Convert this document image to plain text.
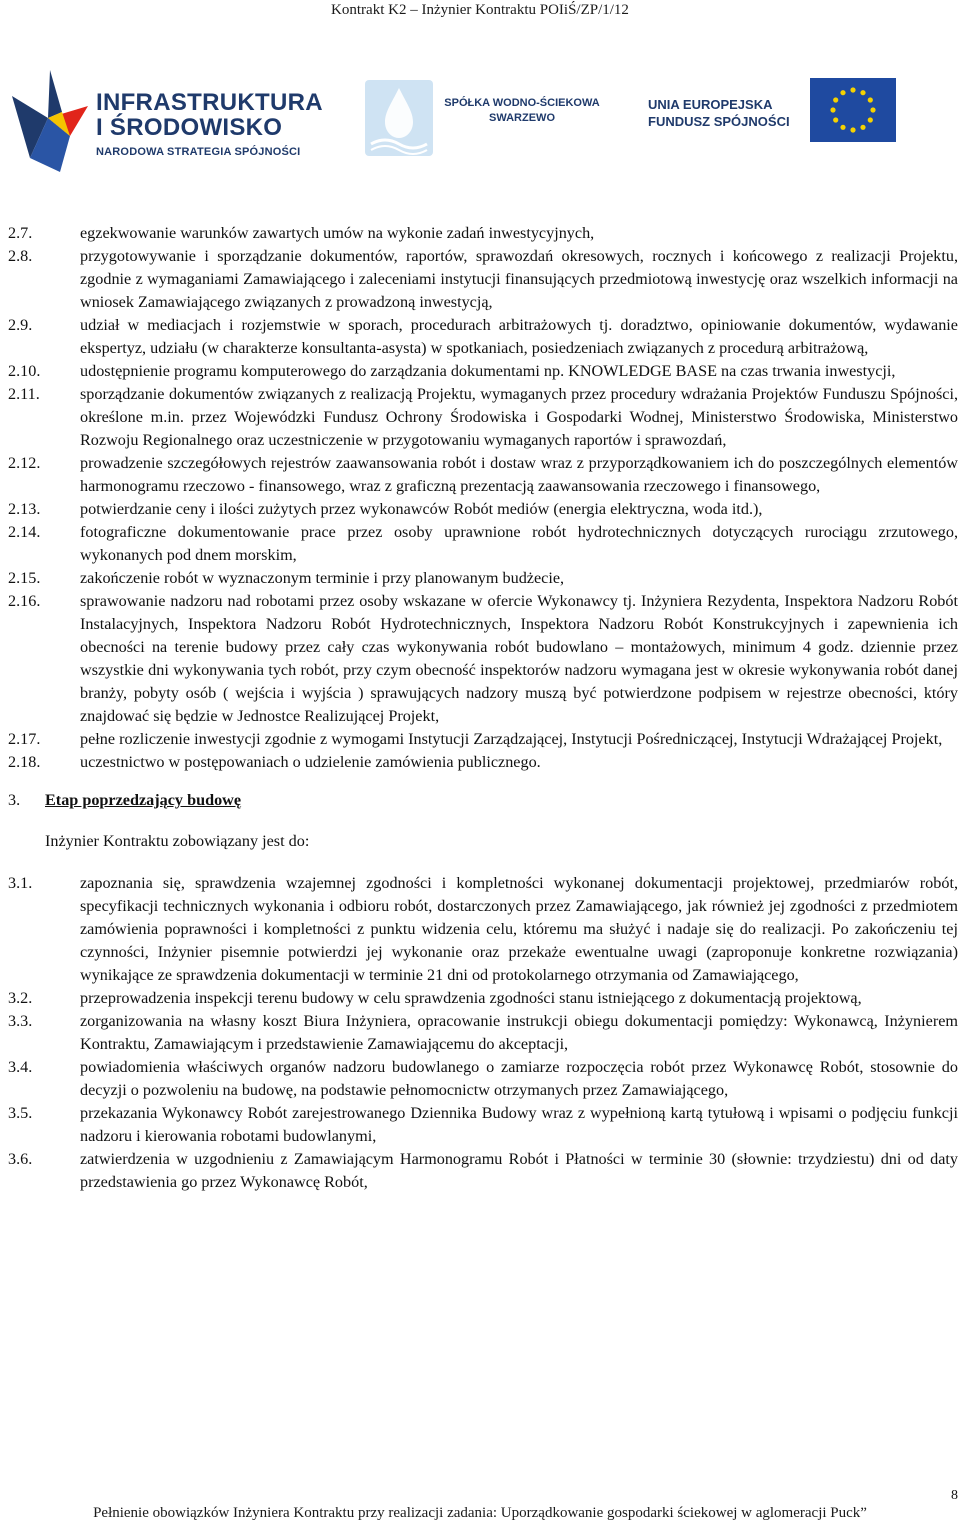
Kontrakt K2 – Inżynier Kontraktu POIiŚ/ZP/1/12
INFRASTRUKTURA
I ŚRODOWISKO
NARODOWA STRATEGIA SPÓJNOŚCI
SPÓŁKA WODNO-ŚCIEKOWA
SWARZEWO
UNIA EUROPEJSKA
FUNDUSZ SPÓJNOŚCI
2.7.	egzekwowanie warunków zawartych umów na wykonie zadań inwestycyjnych,
2.8.	przygotowywanie i sporządzanie dokumentów, raportów, sprawozdań okresowych, rocznych i końcowego z realizacji Projektu, zgodnie z wymaganiami Zamawiającego i zaleceniami instytucji finansujących przedmiotową inwestycję oraz wszelkich informacji na wniosek Zamawiającego związanych z prowadzoną inwestycją,
2.9.	udział w mediacjach i rozjemstwie w sporach, procedurach arbitrażowych tj. doradztwo, opiniowanie dokumentów, wydawanie ekspertyz, udziału (w charakterze konsultanta-asysta) w spotkaniach, posiedzeniach związanych z procedurą arbitrażową,
2.10. udostępnienie programu komputerowego do zarządzania dokumentami np. KNOWLEDGE BASE na czas trwania inwestycji,
2.11. sporządzanie dokumentów związanych z realizacją Projektu, wymaganych przez procedury wdrażania Projektów Funduszu Spójności, określone m.in. przez Wojewódzki Fundusz Ochrony Środowiska i Gospodarki Wodnej, Ministerstwo Środowiska, Ministerstwo Rozwoju Regionalnego oraz uczestniczenie w przygotowaniu wymaganych raportów i sprawozdań,
2.12. prowadzenie szczegółowych rejestrów zaawansowania robót i dostaw wraz z przyporządkowaniem ich do poszczególnych elementów harmonogramu rzeczowo - finansowego, wraz z graficzną prezentacją zaawansowania rzeczowego i finansowego,
2.13. potwierdzanie ceny i ilości zużytych przez wykonawców Robót mediów (energia elektryczna, woda itd.),
2.14. fotograficzne dokumentowanie prace przez osoby uprawnione robót hydrotechnicznych dotyczących rurociągu zrzutowego, wykonanych pod dnem morskim,
2.15. zakończenie robót w wyznaczonym terminie i przy planowanym budżecie,
2.16. sprawowanie nadzoru nad robotami przez osoby wskazane w ofercie Wykonawcy tj. Inżyniera Rezydenta, Inspektora Nadzoru Robót Instalacyjnych, Inspektora Nadzoru Robót Hydrotechnicznych, Inspektora Nadzoru Robót Konstrukcyjnych i zapewnienia ich obecności na terenie budowy przez cały czas wykonywania robót budowlano – montażowych, minimum 4 godz. dziennie przez wszystkie dni wykonywania tych robót, przy czym obecność inspektorów nadzoru wymagana jest w okresie wykonywania robót danej branży, pobyty osób ( wejścia i wyjścia ) sprawujących nadzory muszą być potwierdzone podpisem w rejestrze obecności, który znajdować się będzie w Jednostce Realizującej Projekt,
2.17. pełne rozliczenie inwestycji zgodnie z wymogami Instytucji Zarządzającej, Instytucji Pośredniczącej, Instytucji Wdrażającej Projekt,
2.18. uczestnictwo w postępowaniach o udzielenie zamówienia publicznego.
3. Etap poprzedzający budowę
Inżynier Kontraktu zobowiązany jest do:
3.1.	zapoznania się, sprawdzenia wzajemnej zgodności i kompletności wykonanej dokumentacji projektowej, przedmiarów robót, specyfikacji technicznych wykonania i odbioru robót, dostarczonych przez Zamawiającego, jak również jej zgodności z przedmiotem zamówienia poprawności i kompletności z punktu widzenia celu, któremu ma służyć i nadaje się do realizacji. Po zakończeniu tej czynności, Inżynier pisemnie potwierdzi jej wykonanie oraz przekaże ewentualne uwagi (zaproponuje konkretne rozwiązania) wynikające ze sprawdzenia dokumentacji w terminie 21 dni od protokolarnego otrzymania od Zamawiającego,
3.2.	przeprowadzenia inspekcji terenu budowy w celu sprawdzenia zgodności stanu istniejącego z dokumentacją projektową,
3.3.	zorganizowania na własny koszt Biura Inżyniera, opracowanie instrukcji obiegu dokumentacji pomiędzy: Wykonawcą, Inżynierem Kontraktu, Zamawiającym i przedstawienie Zamawiającemu do akceptacji,
3.4.	powiadomienia właściwych organów nadzoru budowlanego o zamiarze rozpoczęcia robót przez Wykonawcę Robót, stosownie do decyzji o pozwoleniu na budowę, na podstawie pełnomocnictw otrzymanych przez Zamawiającego,
3.5.	przekazania Wykonawcy Robót zarejestrowanego Dziennika Budowy wraz z wypełnioną kartą tytułową i wpisami o podjęciu funkcji nadzoru i kierowania robotami budowlanymi,
3.6.	zatwierdzenia w uzgodnieniu z Zamawiającym Harmonogramu Robót i Płatności w terminie 30 (słownie: trzydziestu) dni od daty przedstawienia go przez Wykonawcę Robót,
8
Pełnienie obowiązków Inżyniera Kontraktu przy realizacji zadania: Uporządkowanie gospodarki ściekowej w aglomeracji Puck”
